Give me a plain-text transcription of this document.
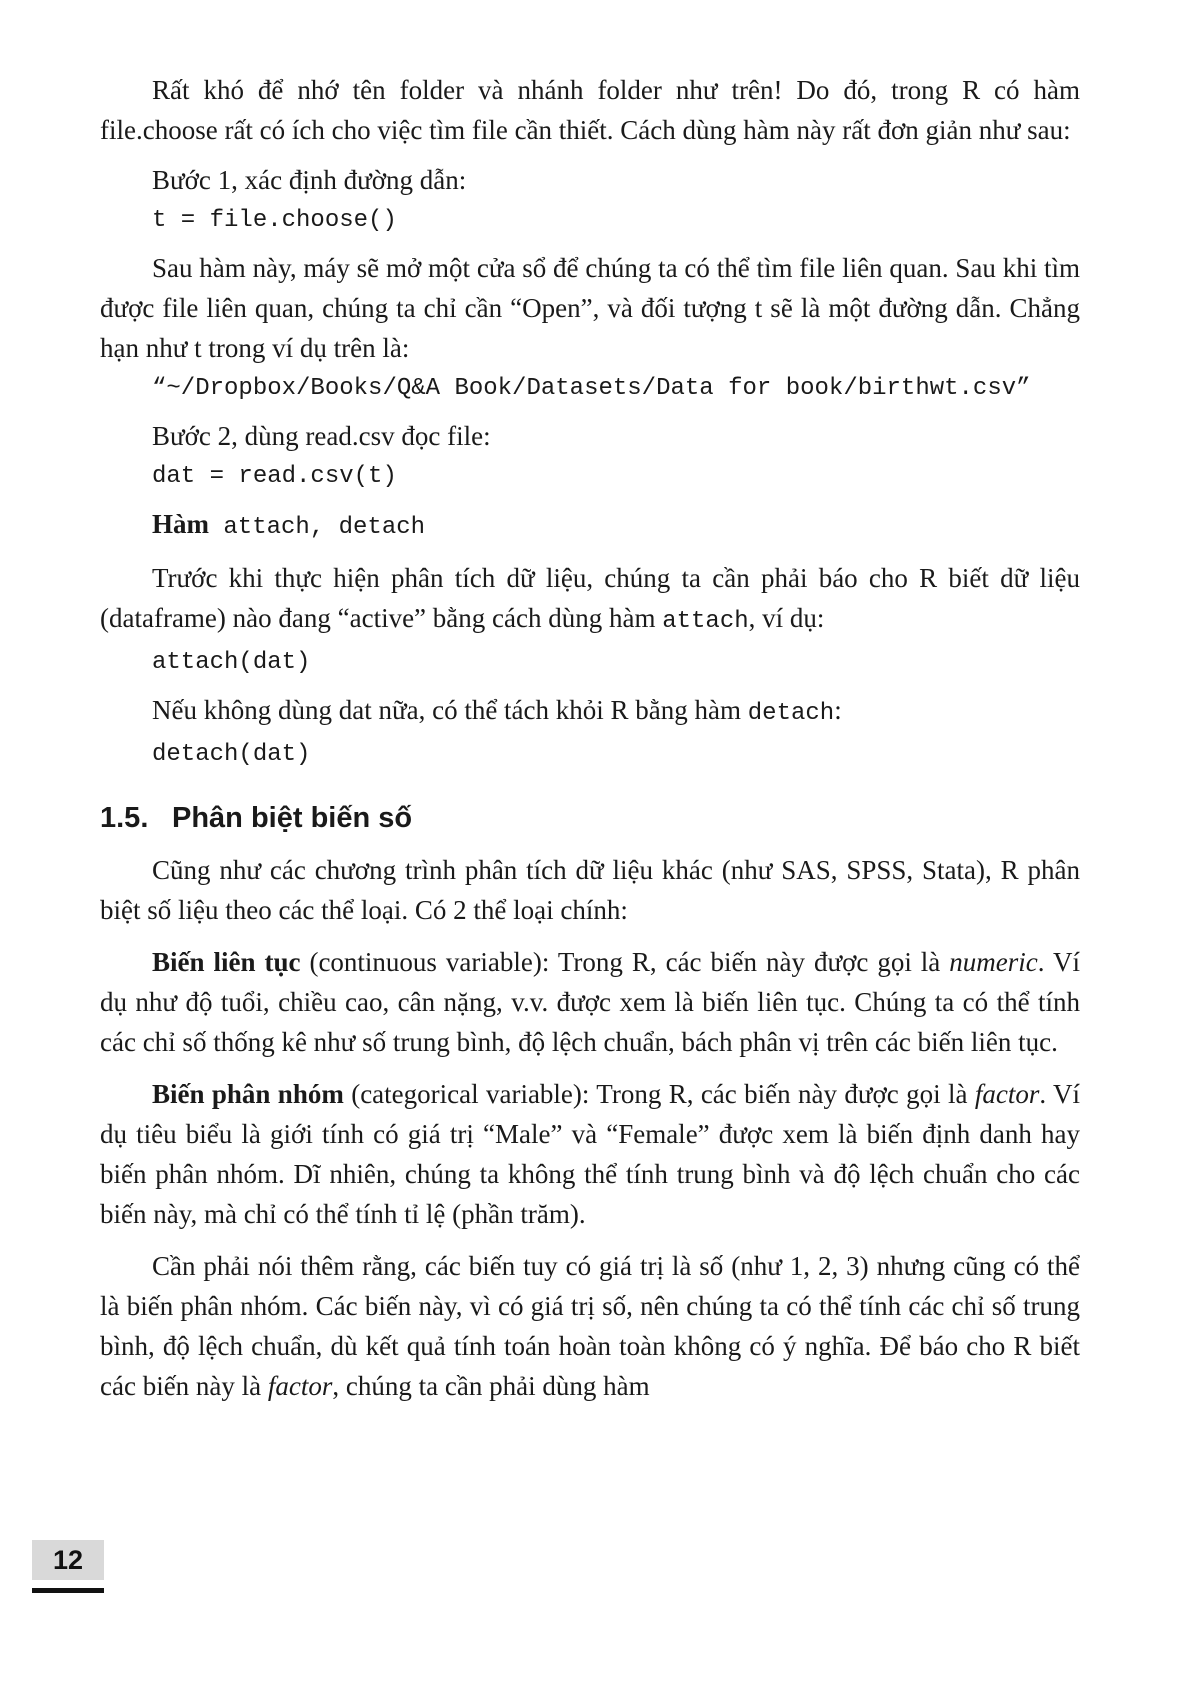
Rất khó để nhớ tên folder và nhánh folder như trên! Do đó, trong R có hàm file.choose rất có ích cho việc tìm file cần thiết. Cách dùng hàm này rất đơn giản như sau:

Bước 1, xác định đường dẫn:

t = file.choose()

Sau hàm này, máy sẽ mở một cửa sổ để chúng ta có thể tìm file liên quan. Sau khi tìm được file liên quan, chúng ta chỉ cần “Open”, và đối tượng t sẽ là một đường dẫn. Chẳng hạn như t trong ví dụ trên là:

“~/Dropbox/Books/Q&A Book/Datasets/Data for book/birthwt.csv”

Bước 2, dùng read.csv đọc file:

dat = read.csv(t)
Hàm attach, detach

Trước khi thực hiện phân tích dữ liệu, chúng ta cần phải báo cho R biết dữ liệu (dataframe) nào đang “active” bằng cách dùng hàm attach, ví dụ:

attach(dat)

Nếu không dùng dat nữa, có thể tách khỏi R bằng hàm detach:

detach(dat)
1.5. Phân biệt biến số

Cũng như các chương trình phân tích dữ liệu khác (như SAS, SPSS, Stata), R phân biệt số liệu theo các thể loại. Có 2 thể loại chính:

Biến liên tục (continuous variable): Trong R, các biến này được gọi là numeric. Ví dụ như độ tuổi, chiều cao, cân nặng, v.v. được xem là biến liên tục. Chúng ta có thể tính các chỉ số thống kê như số trung bình, độ lệch chuẩn, bách phân vị trên các biến liên tục.

Biến phân nhóm (categorical variable): Trong R, các biến này được gọi là factor. Ví dụ tiêu biểu là giới tính có giá trị “Male” và “Female” được xem là biến định danh hay biến phân nhóm. Dĩ nhiên, chúng ta không thể tính trung bình và độ lệch chuẩn cho các biến này, mà chỉ có thể tính tỉ lệ (phần trăm).

Cần phải nói thêm rằng, các biến tuy có giá trị là số (như 1, 2, 3) nhưng cũng có thể là biến phân nhóm. Các biến này, vì có giá trị số, nên chúng ta có thể tính các chỉ số trung bình, độ lệch chuẩn, dù kết quả tính toán hoàn toàn không có ý nghĩa. Để báo cho R biết các biến này là factor, chúng ta cần phải dùng hàm

12
